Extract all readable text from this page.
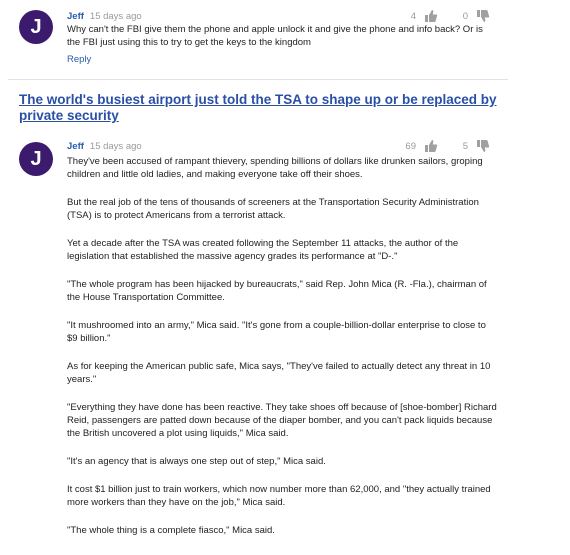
J	Jeff 15 days ago	4	0

Why can't the FBI give them the phone and apple unlock it and give the phone and info back? Or is the FBI just using this to try to get the keys to the kingdom

Reply
The world's busiest airport just told the TSA to shape up or be replaced by private security
J
Jeff 15 days ago	69	5

They've been accused of rampant thievery, spending billions of dollars like drunken sailors, groping children and little old ladies, and making everyone take off their shoes.

But the real job of the tens of thousands of screeners at the Transportation Security Administration (TSA) is to protect Americans from a terrorist attack.

Yet a decade after the TSA was created following the September 11 attacks, the author of the legislation that established the massive agency grades its performance at "D-."

"The whole program has been hijacked by bureaucrats," said Rep. John Mica (R. -Fla.), chairman of the House Transportation Committee.

"It mushroomed into an army," Mica said. "It's gone from a couple-billion-dollar enterprise to close to $9 billion."

As for keeping the American public safe, Mica says, "They've failed to actually detect any threat in 10 years."

"Everything they have done has been reactive. They take shoes off because of [shoe-bomber] Richard Reid, passengers are patted down because of the diaper bomber, and you can't pack liquids because the British uncovered a plot using liquids," Mica said.

"It's an agency that is always one step out of step," Mica said.

It cost $1 billion just to train workers, which now number more than 62,000, and "they actually trained more workers than they have on the job," Mica said.

"The whole thing is a complete fiasco," Mica said.
